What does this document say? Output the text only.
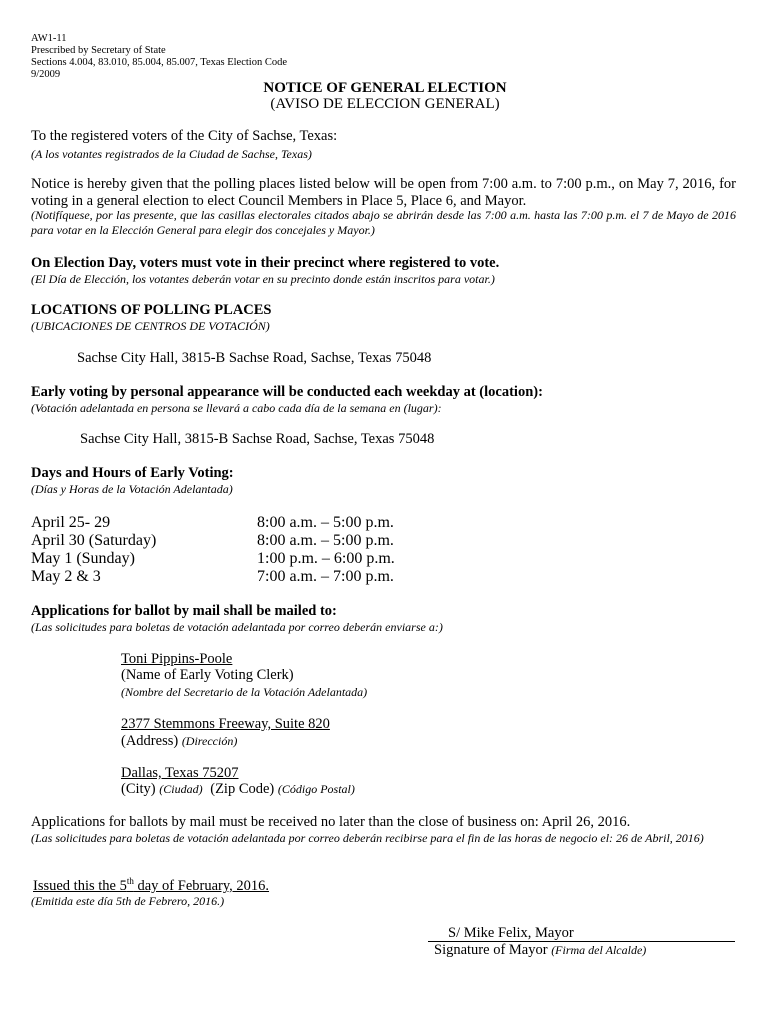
AW1-11
Prescribed by Secretary of State
Sections 4.004, 83.010, 85.004, 85.007, Texas Election Code
9/2009
NOTICE OF GENERAL ELECTION
(AVISO DE ELECCION GENERAL)
To the registered voters of the City of Sachse, Texas:
(A los votantes registrados de la Ciudad de Sachse, Texas)
Notice is hereby given that the polling places listed below will be open from 7:00 a.m. to 7:00 p.m., on May 7, 2016, for voting in a general election to elect Council Members in Place 5, Place 6, and Mayor.
(Notifíquese, por las presente, que las casillas electorales citados abajo se abrirán desde las 7:00 a.m. hasta las 7:00 p.m. el 7 de Mayo de 2016 para votar en la Elección General para elegir dos concejales y Mayor.)
On Election Day, voters must vote in their precinct where registered to vote.
(El Día de Elección, los votantes deberán votar en su precinto donde están inscritos para votar.)
LOCATIONS OF POLLING PLACES
(UBICACIONES DE CENTROS DE VOTACIÓN)
Sachse City Hall, 3815-B Sachse Road, Sachse, Texas 75048
Early voting by personal appearance will be conducted each weekday at (location):
(Votación adelantada en persona se llevará a cabo cada día de la semana en (lugar):
Sachse City Hall, 3815-B Sachse Road, Sachse, Texas 75048
Days and Hours of Early Voting:
(Días y Horas de la Votación Adelantada)
April 25- 29	8:00 a.m. – 5:00 p.m.
April 30 (Saturday)	8:00 a.m. – 5:00 p.m.
May 1 (Sunday)	1:00 p.m. – 6:00 p.m.
May 2 & 3	7:00 a.m. – 7:00 p.m.
Applications for ballot by mail shall be mailed to:
(Las solicitudes para boletas de votación adelantada por correo deberán enviarse a:)
Toni Pippins-Poole
(Name of Early Voting Clerk)
(Nombre del Secretario de la Votación Adelantada)
2377 Stemmons Freeway, Suite 820
(Address) (Dirección)
Dallas, Texas 75207
(City) (Ciudad) (Zip Code) (Código Postal)
Applications for ballots by mail must be received no later than the close of business on: April 26, 2016.
(Las solicitudes para boletas de votación adelantada por correo deberán recibirse para el fin de las horas de negocio el: 26 de Abril, 2016)
Issued this the 5th day of February, 2016.
(Emitida este día 5th de Febrero, 2016.)
S/ Mike Felix, Mayor
Signature of Mayor (Firma del Alcalde)
